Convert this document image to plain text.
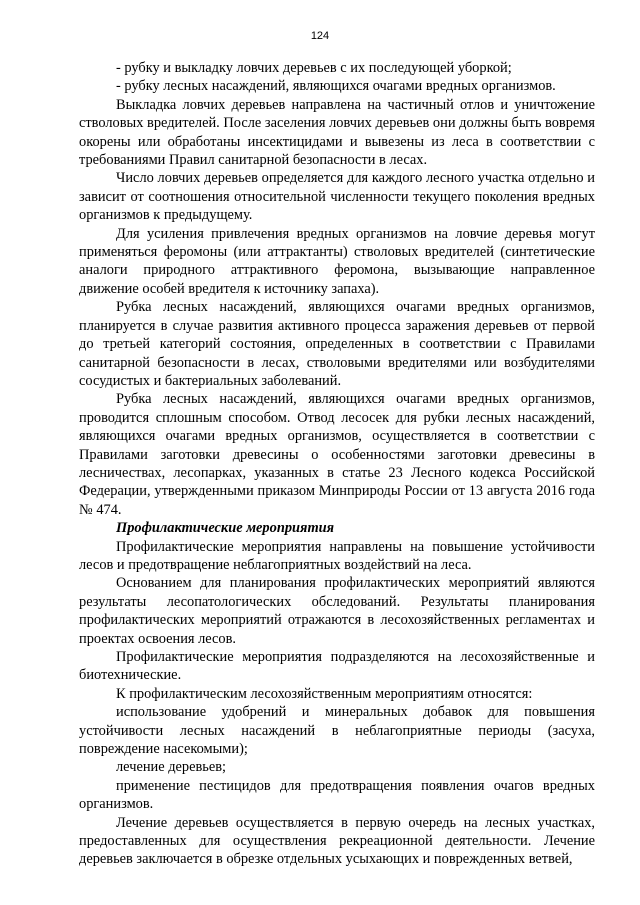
124

- рубку и выкладку ловчих деревьев с их последующей уборкой;

- рубку лесных насаждений, являющихся очагами вредных организмов.

Выкладка ловчих деревьев направлена на частичный отлов и уничтожение стволовых вредителей. После заселения ловчих деревьев они должны быть вовремя окорены или обработаны инсектицидами и вывезены из леса в соответствии с требованиями Правил санитарной безопасности в лесах.

Число ловчих деревьев определяется для каждого лесного участка отдельно и зависит от соотношения относительной численности текущего поколения вредных организмов к предыдущему.

Для усиления привлечения вредных организмов на ловчие деревья могут применяться феромоны (или аттрактанты) стволовых вредителей (синтетические аналоги природного аттрактивного феромона, вызывающие направленное движение особей вредителя к источнику запаха).

Рубка лесных насаждений, являющихся очагами вредных организмов, планируется в случае развития активного процесса заражения деревьев от первой до третьей категорий состояния, определенных в соответствии с Правилами санитарной безопасности в лесах, стволовыми вредителями или возбудителями сосудистых и бактериальных заболеваний.

Рубка лесных насаждений, являющихся очагами вредных организмов, проводится сплошным способом. Отвод лесосек для рубки лесных насаждений, являющихся очагами вредных организмов, осуществляется в соответствии с Правилами заготовки древесины о особенностями заготовки древесины в лесничествах, лесопарках, указанных в статье 23 Лесного кодекса Российской Федерации, утвержденными приказом Минприроды России от 13 августа 2016 года № 474.

Профилактические мероприятия

Профилактические мероприятия направлены на повышение устойчивости лесов и предотвращение неблагоприятных воздействий на леса.

Основанием для планирования профилактических мероприятий являются результаты лесопатологических обследований. Результаты планирования профилактических мероприятий отражаются в лесохозяйственных регламентах и проектах освоения лесов.

Профилактические мероприятия подразделяются на лесохозяйственные и биотехнические.

К профилактическим лесохозяйственным мероприятиям относятся:

использование удобрений и минеральных добавок для повышения устойчивости лесных насаждений в неблагоприятные периоды (засуха, повреждение насекомыми);

лечение деревьев;

применение пестицидов для предотвращения появления очагов вредных организмов.

Лечение деревьев осуществляется в первую очередь на лесных участках, предоставленных для осуществления рекреационной деятельности. Лечение деревьев заключается в обрезке отдельных усыхающих и поврежденных ветвей,
